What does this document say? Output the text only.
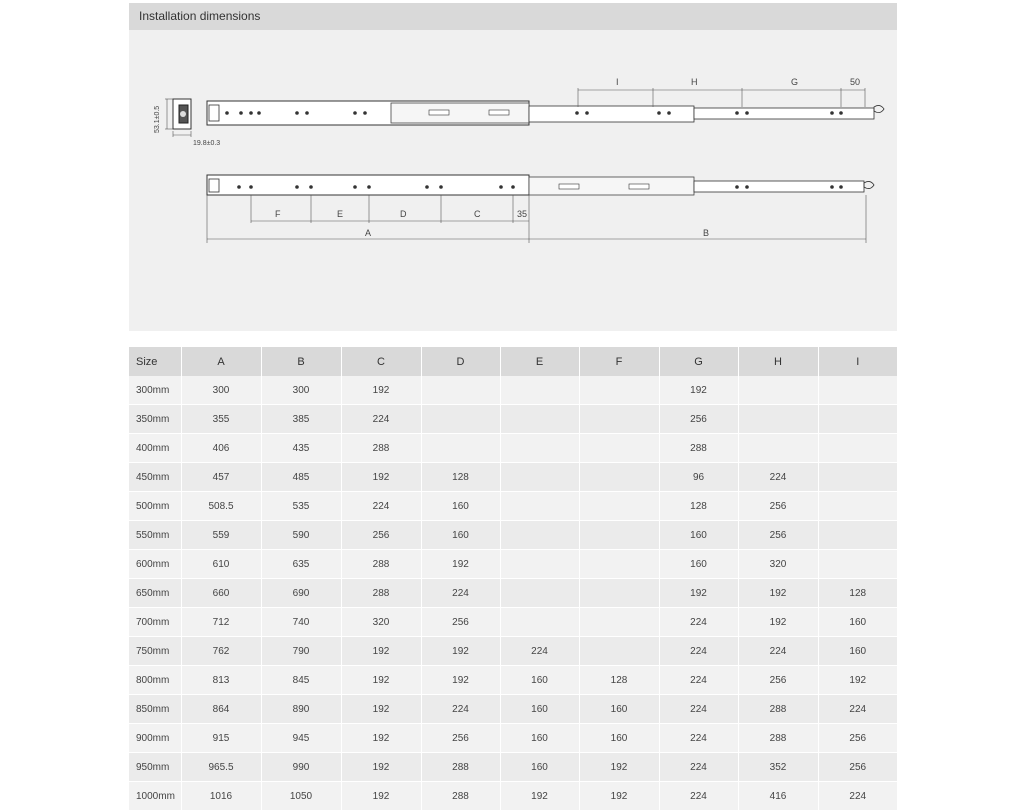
53.1±0.5
19.8±0.3
I	H	G	50
F	E	D	C	35
A	B
Installation dimensions
Size	A	B	C	D	E	F	G	H	I
300mm	300	300	192				192		
350mm	355	385	224				256		
400mm	406	435	288				288		
450mm	457	485	192	128			96	224	
500mm	508.5	535	224	160			128	256	
550mm	559	590	256	160			160	256	
600mm	610	635	288	192			160	320	
650mm	660	690	288	224			192	192	128
700mm	712	740	320	256			224	192	160
750mm	762	790	192	192	224		224	224	160
800mm	813	845	192	192	160	128	224	256	192
850mm	864	890	192	224	160	160	224	288	224
900mm	915	945	192	256	160	160	224	288	256
950mm	965.5	990	192	288	160	192	224	352	256
1000mm	1016	1050	192	288	192	192	224	416	224
